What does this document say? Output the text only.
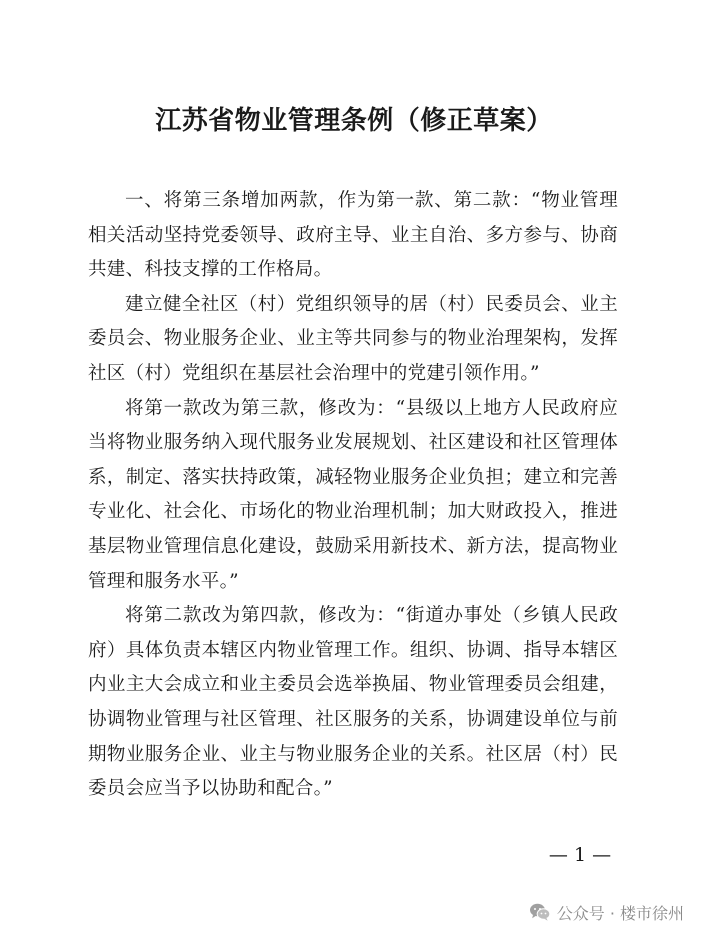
江苏省物业管理条例（修正草案）

一、将第三条增加两款，作为第一款、第二款：“物业管理相关活动坚持党委领导、政府主导、业主自治、多方参与、协商共建、科技支撑的工作格局。

建立健全社区（村）党组织领导的居（村）民委员会、业主委员会、物业服务企业、业主等共同参与的物业治理架构，发挥社区（村）党组织在基层社会治理中的党建引领作用。”

将第一款改为第三款，修改为：“县级以上地方人民政府应当将物业服务纳入现代服务业发展规划、社区建设和社区管理体系，制定、落实扶持政策，减轻物业服务企业负担；建立和完善专业化、社会化、市场化的物业治理机制；加大财政投入，推进基层物业管理信息化建设，鼓励采用新技术、新方法，提高物业管理和服务水平。”

将第二款改为第四款，修改为：“街道办事处（乡镇人民政府）具体负责本辖区内物业管理工作。组织、协调、指导本辖区内业主大会成立和业主委员会选举换届、物业管理委员会组建，协调物业管理与社区管理、社区服务的关系，协调建设单位与前期物业服务企业、业主与物业服务企业的关系。社区居（村）民委员会应当予以协助和配合。”

— 1 —
公众号 · 楼市徐州
